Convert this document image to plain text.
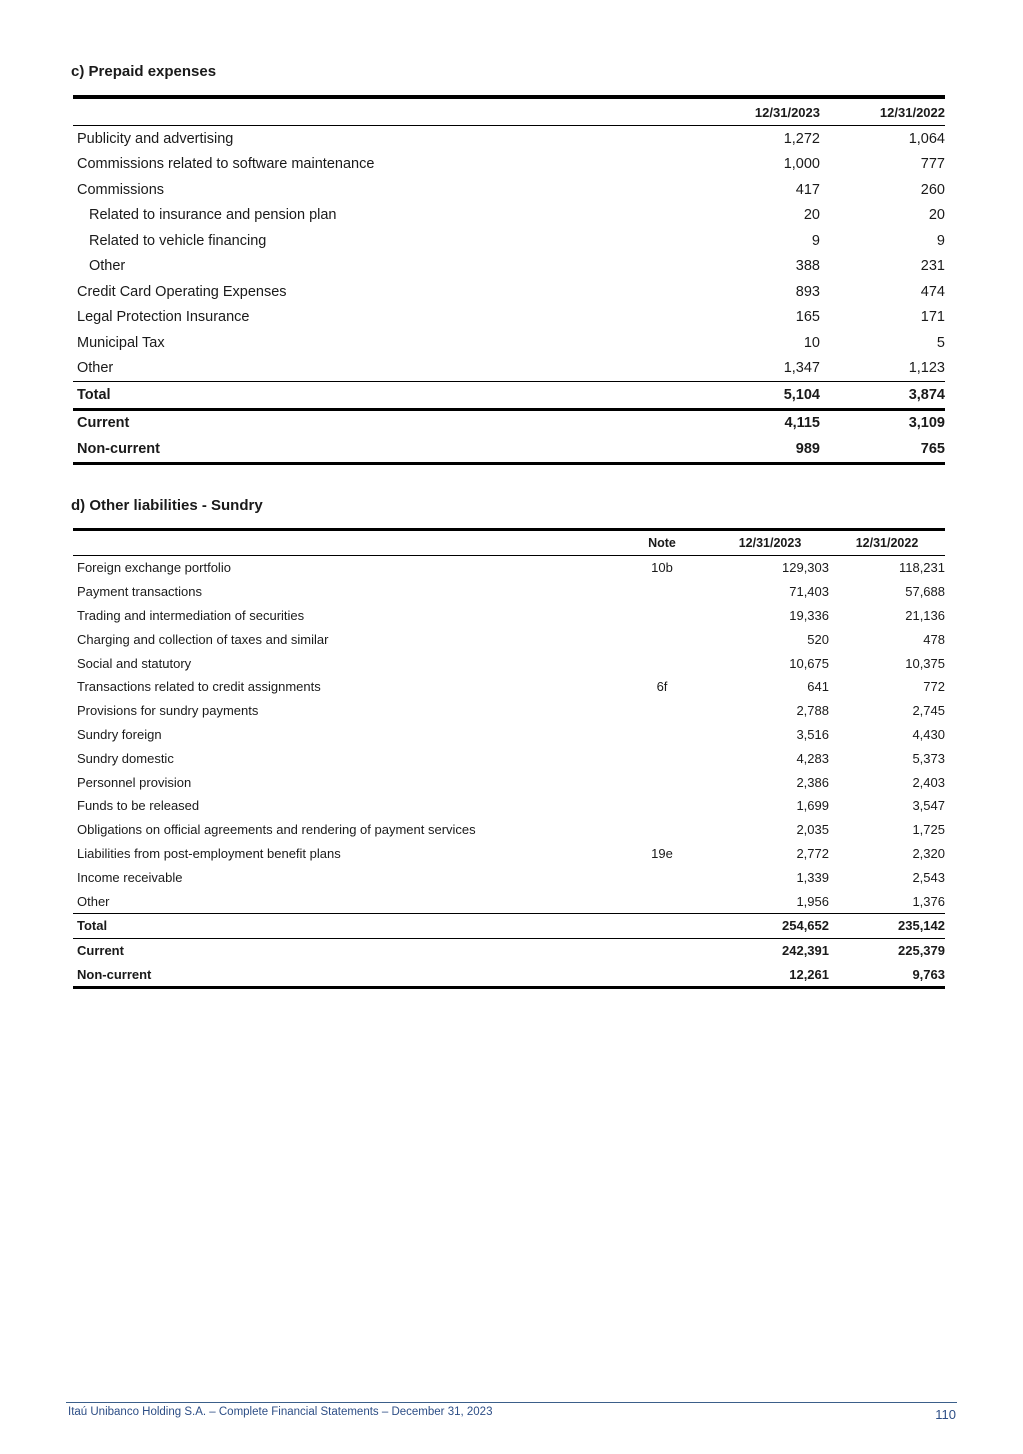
c) Prepaid expenses
	12/31/2023	12/31/2022
Publicity and advertising	1,272	1,064
Commissions related to software maintenance	1,000	777
Commissions	417	260
Related to insurance and pension plan	20	20
Related to vehicle financing	9	9
Other	388	231
Credit Card Operating Expenses	893	474
Legal Protection Insurance	165	171
Municipal Tax	10	5
Other	1,347	1,123
Total	5,104	3,874
Current	4,115	3,109
Non-current	989	765
d) Other liabilities - Sundry
	Note	12/31/2023	12/31/2022
Foreign exchange portfolio	10b	129,303	118,231
Payment transactions		71,403	57,688
Trading and intermediation of securities		19,336	21,136
Charging and collection of taxes and similar		520	478
Social and statutory		10,675	10,375
Transactions related to credit assignments	6f	641	772
Provisions for sundry payments		2,788	2,745
Sundry foreign		3,516	4,430
Sundry domestic		4,283	5,373
Personnel provision		2,386	2,403
Funds to be released		1,699	3,547
Obligations on official agreements and rendering of payment services		2,035	1,725
Liabilities from post-employment benefit plans	19e	2,772	2,320
Income receivable		1,339	2,543
Other		1,956	1,376
Total		254,652	235,142
Current		242,391	225,379
Non-current		12,261	9,763
Itaú Unibanco Holding S.A. – Complete Financial Statements – December 31, 2023	110
